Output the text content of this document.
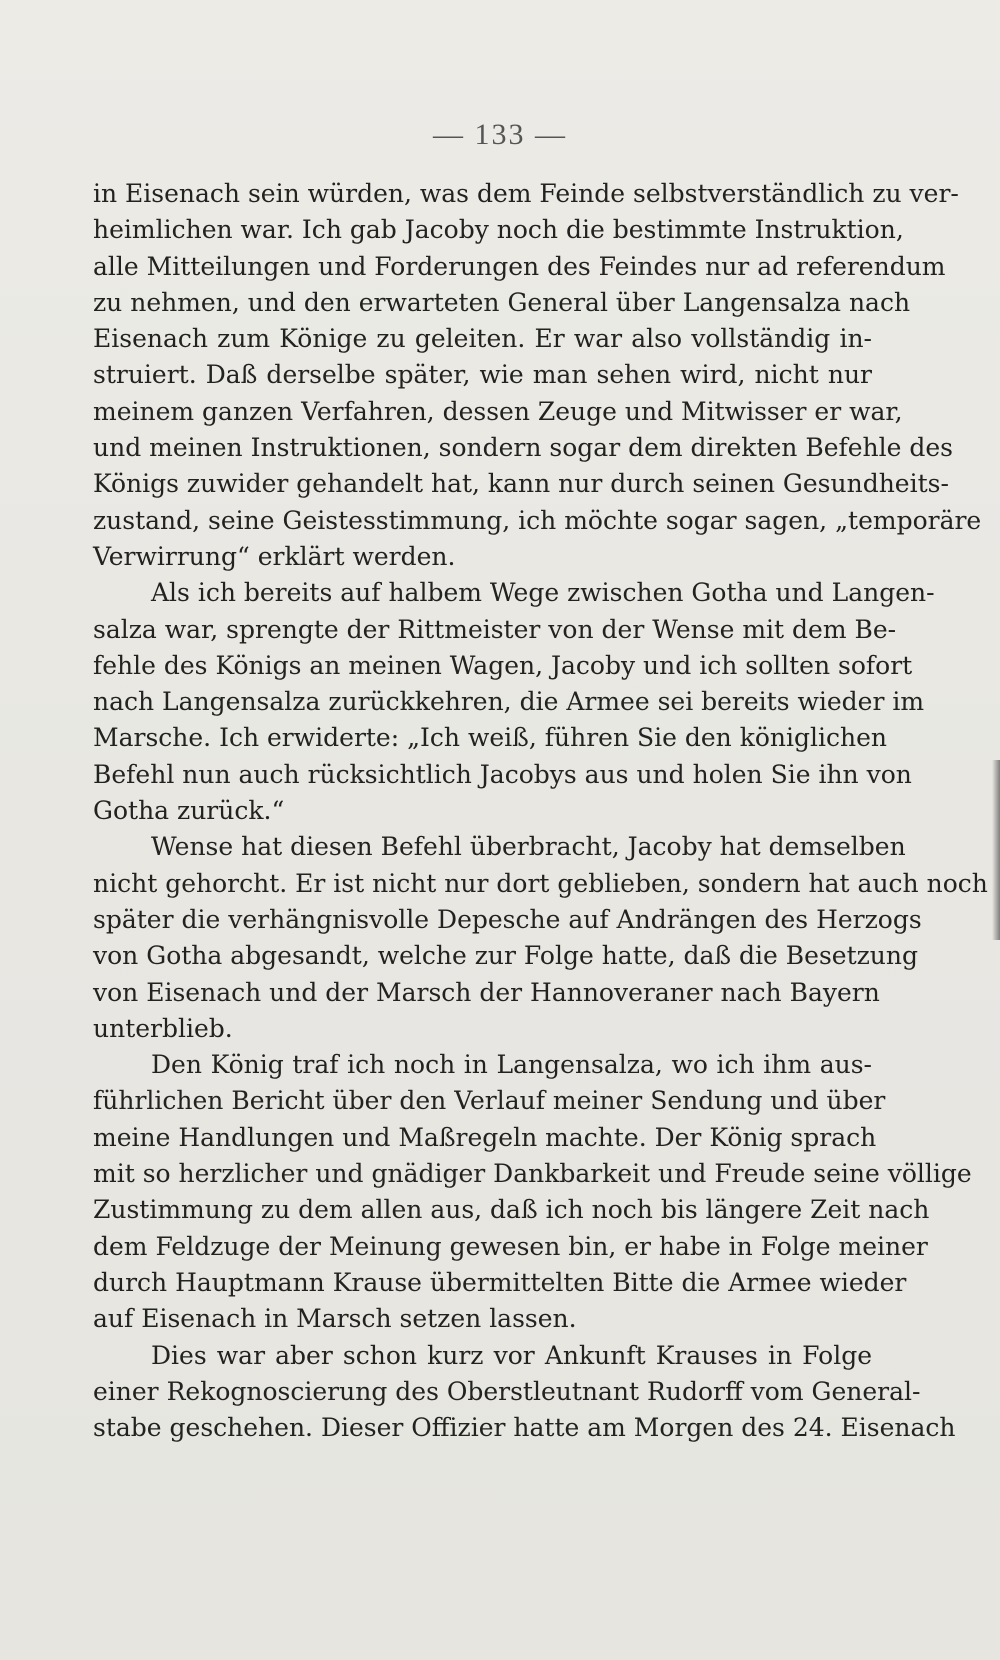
— 133 —
in Eisenach sein würden, was dem Feinde selbstverständlich zu ver-
heimlichen war. Ich gab Jacoby noch die bestimmte Instruktion,
alle Mitteilungen und Forderungen des Feindes nur ad referendum
zu nehmen, und den erwarteten General über Langensalza nach
Eisenach zum Könige zu geleiten. Er war also vollständig in-
struiert. Daß derselbe später, wie man sehen wird, nicht nur
meinem ganzen Verfahren, dessen Zeuge und Mitwisser er war,
und meinen Instruktionen, sondern sogar dem direkten Befehle des
Königs zuwider gehandelt hat, kann nur durch seinen Gesundheits-
zustand, seine Geistesstimmung, ich möchte sogar sagen, „temporäre
Verwirrung“ erklärt werden.
Als ich bereits auf halbem Wege zwischen Gotha und Langen-
salza war, sprengte der Rittmeister von der Wense mit dem Be-
fehle des Königs an meinen Wagen, Jacoby und ich sollten sofort
nach Langensalza zurückkehren, die Armee sei bereits wieder im
Marsche. Ich erwiderte: „Ich weiß, führen Sie den königlichen
Befehl nun auch rücksichtlich Jacobys aus und holen Sie ihn von
Gotha zurück.“
Wense hat diesen Befehl überbracht, Jacoby hat demselben
nicht gehorcht. Er ist nicht nur dort geblieben, sondern hat auch noch
später die verhängnisvolle Depesche auf Andrängen des Herzogs
von Gotha abgesandt, welche zur Folge hatte, daß die Besetzung
von Eisenach und der Marsch der Hannoveraner nach Bayern
unterblieb.
Den König traf ich noch in Langensalza, wo ich ihm aus-
führlichen Bericht über den Verlauf meiner Sendung und über
meine Handlungen und Maßregeln machte. Der König sprach
mit so herzlicher und gnädiger Dankbarkeit und Freude seine völlige
Zustimmung zu dem allen aus, daß ich noch bis längere Zeit nach
dem Feldzuge der Meinung gewesen bin, er habe in Folge meiner
durch Hauptmann Krause übermittelten Bitte die Armee wieder
auf Eisenach in Marsch setzen lassen.
Dies war aber schon kurz vor Ankunft Krauses in Folge
einer Rekognoscierung des Oberstleutnant Rudorff vom General-
stabe geschehen. Dieser Offizier hatte am Morgen des 24. Eisenach
